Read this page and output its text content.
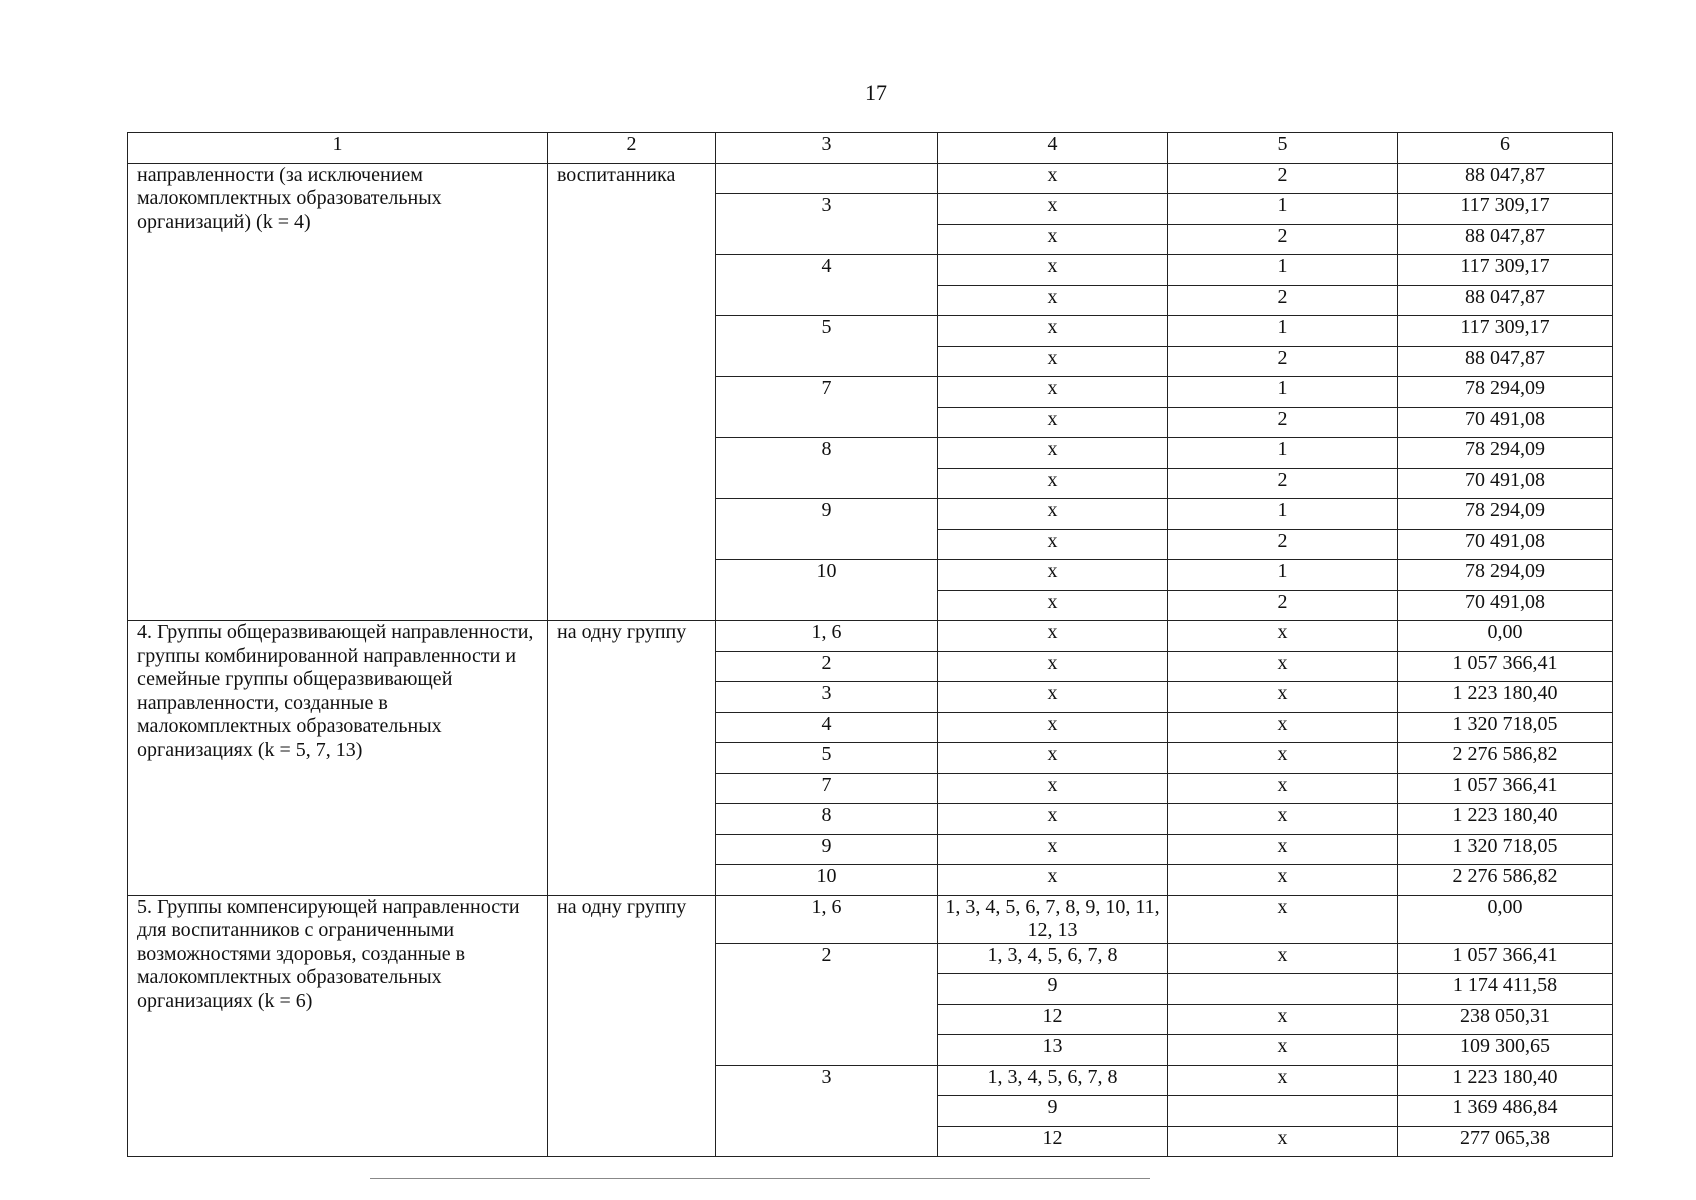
17
1	2	3	4	5	6
направленности (за исключением малокомплектных образовательных организаций) (k = 4)	воспитанника		x	2	88 047,87
		3	x	1	117 309,17
			x	2	88 047,87
		4	x	1	117 309,17
			x	2	88 047,87
		5	x	1	117 309,17
			x	2	88 047,87
		7	x	1	78 294,09
			x	2	70 491,08
		8	x	1	78 294,09
			x	2	70 491,08
		9	x	1	78 294,09
			x	2	70 491,08
		10	x	1	78 294,09
			x	2	70 491,08
4. Группы общеразвивающей направленности, группы комбинированной направленности и семейные группы общеразвивающей направленности, созданные в малокомплектных образовательных организациях (k = 5, 7, 13)	на одну группу	1, 6	x	x	0,00
		2	x	x	1 057 366,41
		3	x	x	1 223 180,40
		4	x	x	1 320 718,05
		5	x	x	2 276 586,82
		7	x	x	1 057 366,41
		8	x	x	1 223 180,40
		9	x	x	1 320 718,05
		10	x	x	2 276 586,82
5. Группы компенсирующей направленности для воспитанников с ограниченными возможностями здоровья, созданные в малокомплектных образовательных организациях (k = 6)	на одну группу	1, 6	1, 3, 4, 5, 6, 7, 8, 9, 10, 11, 12, 13	x	0,00
		2	1, 3, 4, 5, 6, 7, 8	x	1 057 366,41
			9		1 174 411,58
			12	x	238 050,31
			13	x	109 300,65
		3	1, 3, 4, 5, 6, 7, 8	x	1 223 180,40
			9		1 369 486,84
			12	x	277 065,38
